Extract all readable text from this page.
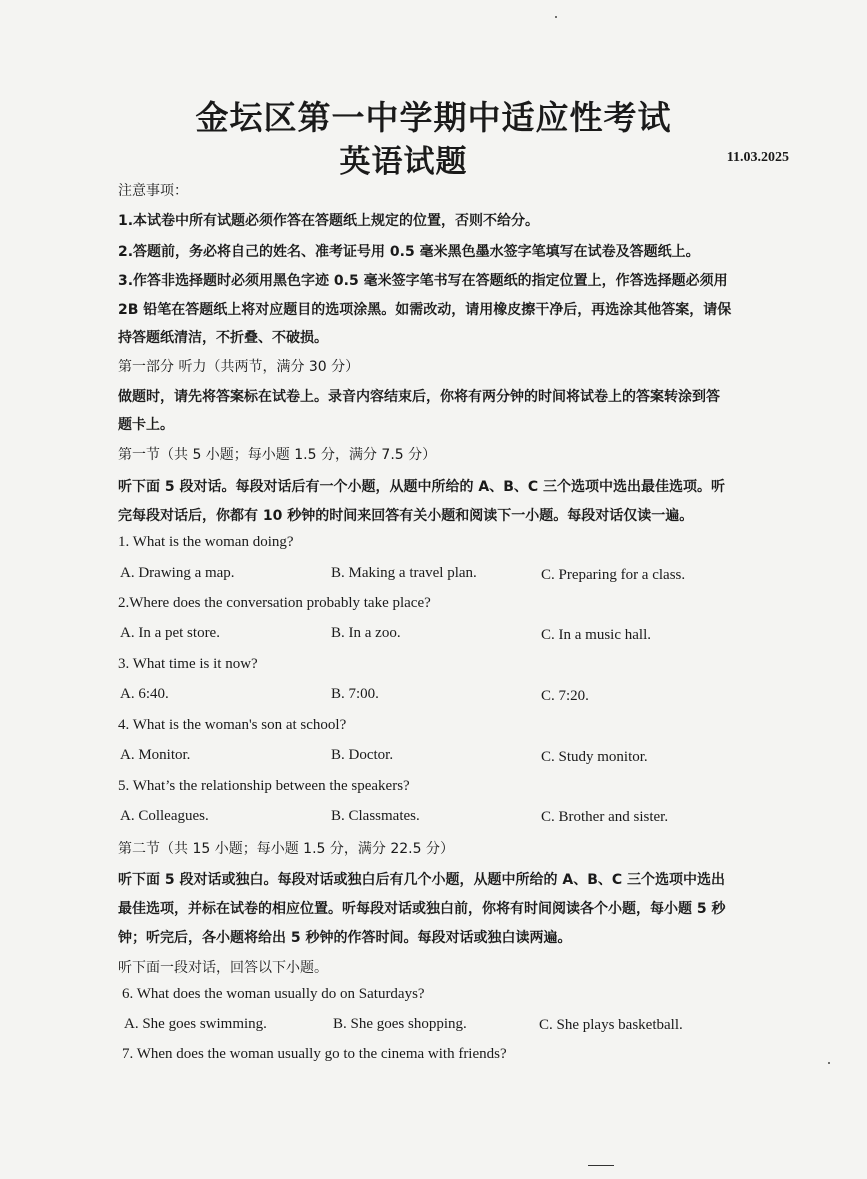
金坛区第一中学期中适应性考试
英语试题	11.03.2025
注意事项：
1.本试卷中所有试题必须作答在答题纸上规定的位置，否则不给分。
2.答题前，务必将自己的姓名、准考证号用 0.5 毫米黑色墨水签字笔填写在试卷及答题纸上。
3.作答非选择题时必须用黑色字迹 0.5 毫米签字笔书写在答题纸的指定位置上，作答选择题必须用
2B 铅笔在答题纸上将对应题目的选项涂黑。如需改动，请用橡皮擦干净后，再选涂其他答案，请保
持答题纸清洁，不折叠、不破损。
第一部分 听力（共两节，满分 30 分）
做题时，请先将答案标在试卷上。录音内容结束后，你将有两分钟的时间将试卷上的答案转涂到答
题卡上。
第一节（共 5 小题；每小题 1.5 分，满分 7.5 分）
听下面 5 段对话。每段对话后有一个小题，从题中所给的 A、B、C 三个选项中选出最佳选项。听
完每段对话后，你都有 10 秒钟的时间来回答有关小题和阅读下一小题。每段对话仅读一遍。
1. What is the woman doing?
A. Drawing a map.	B. Making a travel plan.	C. Preparing for a class.
2.Where does the conversation probably take place?
A. In a pet store.	B. In a zoo.	C. In a music hall.
3. What time is it now?
A. 6:40.	B. 7:00.	C. 7:20.
4. What is the woman's son at school?
A. Monitor.	B. Doctor.	C. Study monitor.
5. What’s the relationship between the speakers?
A. Colleagues.	B. Classmates.	C. Brother and sister.
第二节（共 15 小题；每小题 1.5 分，满分 22.5 分）
听下面 5 段对话或独白。每段对话或独白后有几个小题，从题中所给的 A、B、C 三个选项中选出
最佳选项，并标在试卷的相应位置。听每段对话或独白前，你将有时间阅读各个小题，每小题 5 秒
钟；听完后，各小题将给出 5 秒钟的作答时间。每段对话或独白读两遍。
听下面一段对话，回答以下小题。
6. What does the woman usually do on Saturdays?
A. She goes swimming.	B. She goes shopping.	C. She plays basketball.
7. When does the woman usually go to the cinema with friends?
